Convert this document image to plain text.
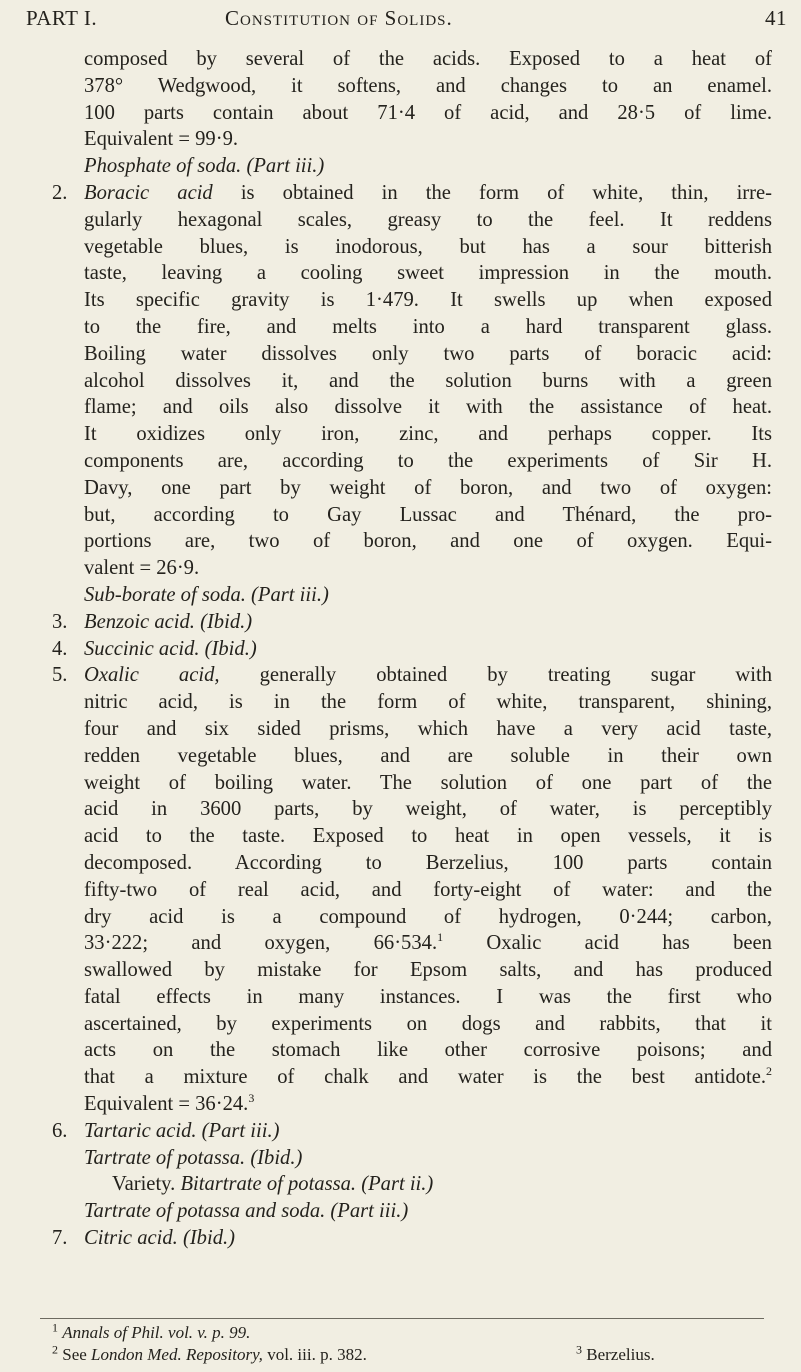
PART I.	Constitution of Solids.	41
composed by several of the acids. Exposed to a heat of
378° Wedgwood, it softens, and changes to an enamel.
100 parts contain about 71·4 of acid, and 28·5 of lime.
Equivalent = 99·9.
Phosphate of soda. (Part iii.)
2. Boracic acid is obtained in the form of white, thin, irre-
gularly hexagonal scales, greasy to the feel. It reddens
vegetable blues, is inodorous, but has a sour bitterish
taste, leaving a cooling sweet impression in the mouth.
Its specific gravity is 1·479. It swells up when exposed
to the fire, and melts into a hard transparent glass.
Boiling water dissolves only two parts of boracic acid:
alcohol dissolves it, and the solution burns with a green
flame; and oils also dissolve it with the assistance of heat.
It oxidizes only iron, zinc, and perhaps copper. Its
components are, according to the experiments of Sir H.
Davy, one part by weight of boron, and two of oxygen:
but, according to Gay Lussac and Thénard, the pro-
portions are, two of boron, and one of oxygen. Equi-
valent = 26·9.
Sub-borate of soda. (Part iii.)
3. Benzoic acid. (Ibid.)
4. Succinic acid. (Ibid.)
5. Oxalic acid, generally obtained by treating sugar with
nitric acid, is in the form of white, transparent, shining,
four and six sided prisms, which have a very acid taste,
redden vegetable blues, and are soluble in their own
weight of boiling water. The solution of one part of the
acid in 3600 parts, by weight, of water, is perceptibly
acid to the taste. Exposed to heat in open vessels, it is
decomposed. According to Berzelius, 100 parts contain
fifty-two of real acid, and forty-eight of water: and the
dry acid is a compound of hydrogen, 0·244; carbon,
33·222; and oxygen, 66·534.$^1$ Oxalic acid has been
swallowed by mistake for Epsom salts, and has produced
fatal effects in many instances. I was the first who
ascertained, by experiments on dogs and rabbits, that it
acts on the stomach like other corrosive poisons; and
that a mixture of chalk and water is the best antidote.$^2$
Equivalent = 36·24.$^3$
6. Tartaric acid. (Part iii.)
Tartrate of potassa. (Ibid.)
Variety. Bitartrate of potassa. (Part ii.)
Tartrate of potassa and soda. (Part iii.)
7. Citric acid. (Ibid.)
$^1$ Annals of Phil. vol. v. p. 99.
$^2$ See London Med. Repository, vol. iii. p. 382.	$^3$ Berzelius.
